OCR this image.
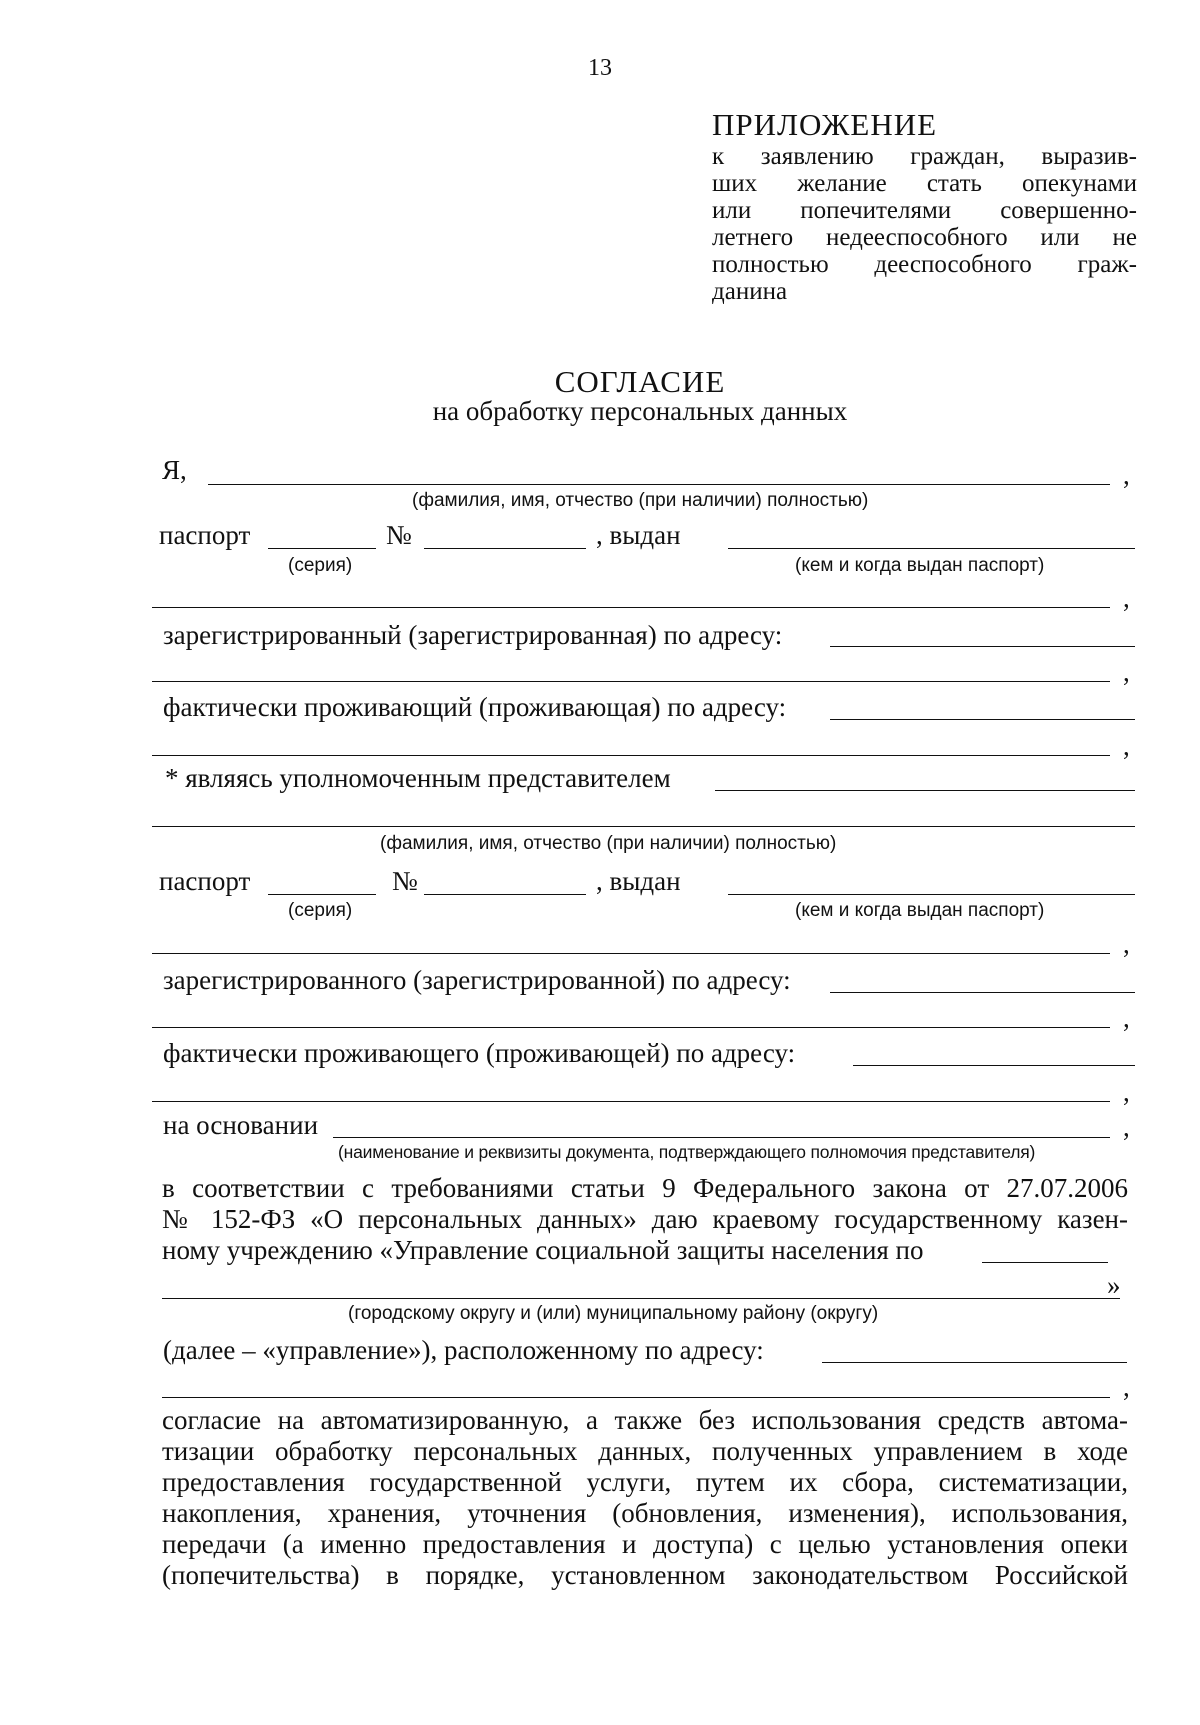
13
ПРИЛОЖЕНИЕ
к заявлению граждан, выразив-
ших желание стать опекунами
или попечителями совершенно-
летнего недееспособного или не
полностью дееспособного граж-
данина
СОГЛАСИЕ
на обработку персональных данных
Я,	,
(фамилия, имя, отчество (при наличии) полностью)
паспорт	№	, выдан
(серия)	(кем и когда выдан паспорт)
,
зарегистрированный (зарегистрированная) по адресу:
,
фактически проживающий (проживающая) по адресу:
,
* являясь уполномоченным представителем
(фамилия, имя, отчество (при наличии) полностью)
паспорт	№	, выдан
(серия)	(кем и когда выдан паспорт)
,
зарегистрированного (зарегистрированной) по адресу:
,
фактически проживающего (проживающей) по адресу:
,
на основании	,
(наименование и реквизиты документа, подтверждающего полномочия представителя)
в соответствии с требованиями статьи 9 Федерального закона от 27.07.2006
№ 152-ФЗ «О персональных данных» даю краевому государственному казен-
ному учреждению «Управление социальной защиты населения по
»
(городскому округу и (или) муниципальному району (округу)
(далее – «управление»), расположенному по адресу:
,
согласие на автоматизированную, а также без использования средств автома-
тизации обработку персональных данных, полученных управлением в ходе
предоставления государственной услуги, путем их сбора, систематизации,
накопления, хранения, уточнения (обновления, изменения), использования,
передачи (а именно предоставления и доступа) с целью установления опеки
(попечительства) в порядке, установленном законодательством Российской
